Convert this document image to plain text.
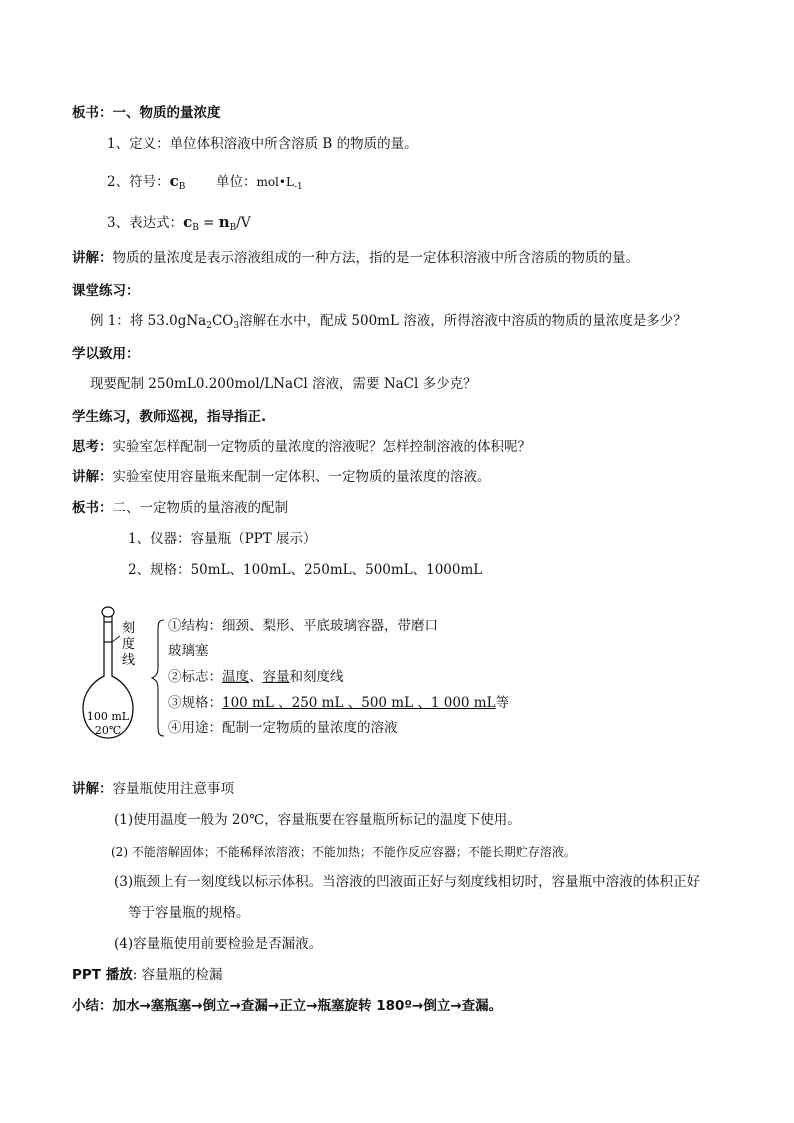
板书：一、物质的量浓度
1、定义：单位体积溶液中所含溶质 B 的物质的量。
2、符号：$c_B$ 单位：$mol•L_{-1}$
3、表达式：$c_B = n_B/V$
讲解：物质的量浓度是表示溶液组成的一种方法，指的是一定体积溶液中所含溶质的物质的量。
课堂练习：
例 1：将 $53.0gNa_2CO_3$溶解在水中，配成 500mL 溶液，所得溶液中溶质的物质的量浓度是多少？
学以致用：
现要配制 250mL0.200mol/LNaCl 溶液，需要 NaCl 多少克？
学生练习，教师巡视，指导指正.
思考：实验室怎样配制一定物质的量浓度的溶液呢？怎样控制溶液的体积呢？
讲解：实验室使用容量瓶来配制一定体积、一定物质的量浓度的溶液。
板书：二、一定物质的量溶液的配制
1、仪器：容量瓶（PPT 展示）
2、规格：50mL、100mL、250mL、500mL、1000mL
刻
度
线
100 mL
20℃
①结构：细颈、梨形、平底玻璃容器，带磨口
玻璃塞
②标志：温度、容量和刻度线
③规格：100 mL 、250 mL 、500 mL 、1 000 mL等
④用途：配制一定物质的量浓度的溶液
讲解：容量瓶使用注意事项
(1)使用温度一般为 20℃，容量瓶要在容量瓶所标记的温度下使用。
(2) 不能溶解固体；不能稀释浓溶液；不能加热；不能作反应容器；不能长期贮存溶液。
(3)瓶颈上有一刻度线以标示体积。当溶液的凹液面正好与刻度线相切时，容量瓶中溶液的体积正好
等于容量瓶的规格。
(4)容量瓶使用前要检验是否漏液。
PPT 播放: 容量瓶的检漏
小结：加水→塞瓶塞→倒立→查漏→正立→瓶塞旋转 180º→倒立→查漏。
